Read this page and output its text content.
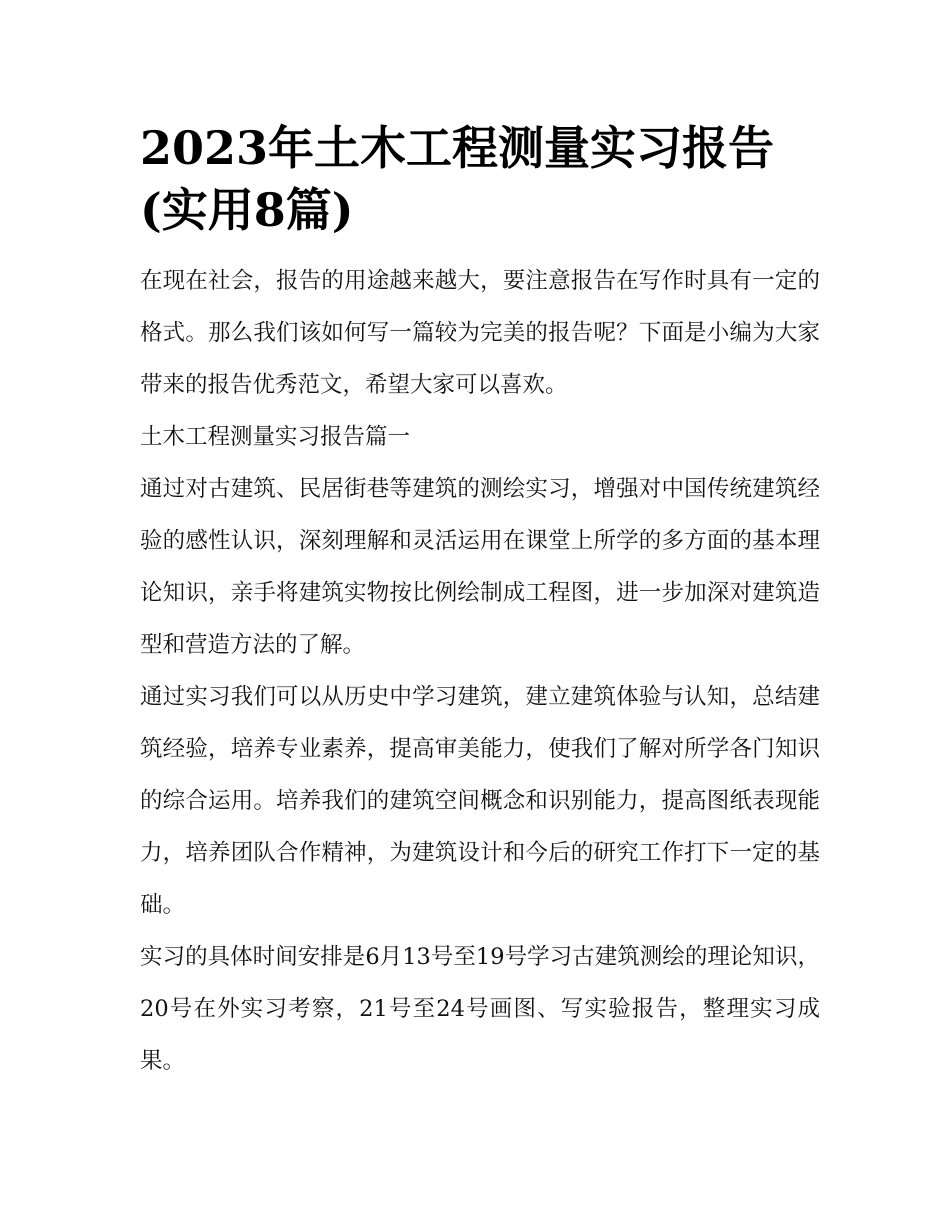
2023年土木工程测量实习报告(实用8篇)

在现在社会，报告的用途越来越大，要注意报告在写作时具有一定的格式。那么我们该如何写一篇较为完美的报告呢？下面是小编为大家带来的报告优秀范文，希望大家可以喜欢。

土木工程测量实习报告篇一

通过对古建筑、民居街巷等建筑的测绘实习，增强对中国传统建筑经验的感性认识，深刻理解和灵活运用在课堂上所学的多方面的基本理论知识，亲手将建筑实物按比例绘制成工程图，进一步加深对建筑造型和营造方法的了解。

通过实习我们可以从历史中学习建筑，建立建筑体验与认知，总结建筑经验，培养专业素养，提高审美能力，使我们了解对所学各门知识的综合运用。培养我们的建筑空间概念和识别能力，提高图纸表现能力，培养团队合作精神，为建筑设计和今后的研究工作打下一定的基础。

实习的具体时间安排是6月13号至19号学习古建筑测绘的理论知识，20号在外实习考察，21号至24号画图、写实验报告，整理实习成果。
